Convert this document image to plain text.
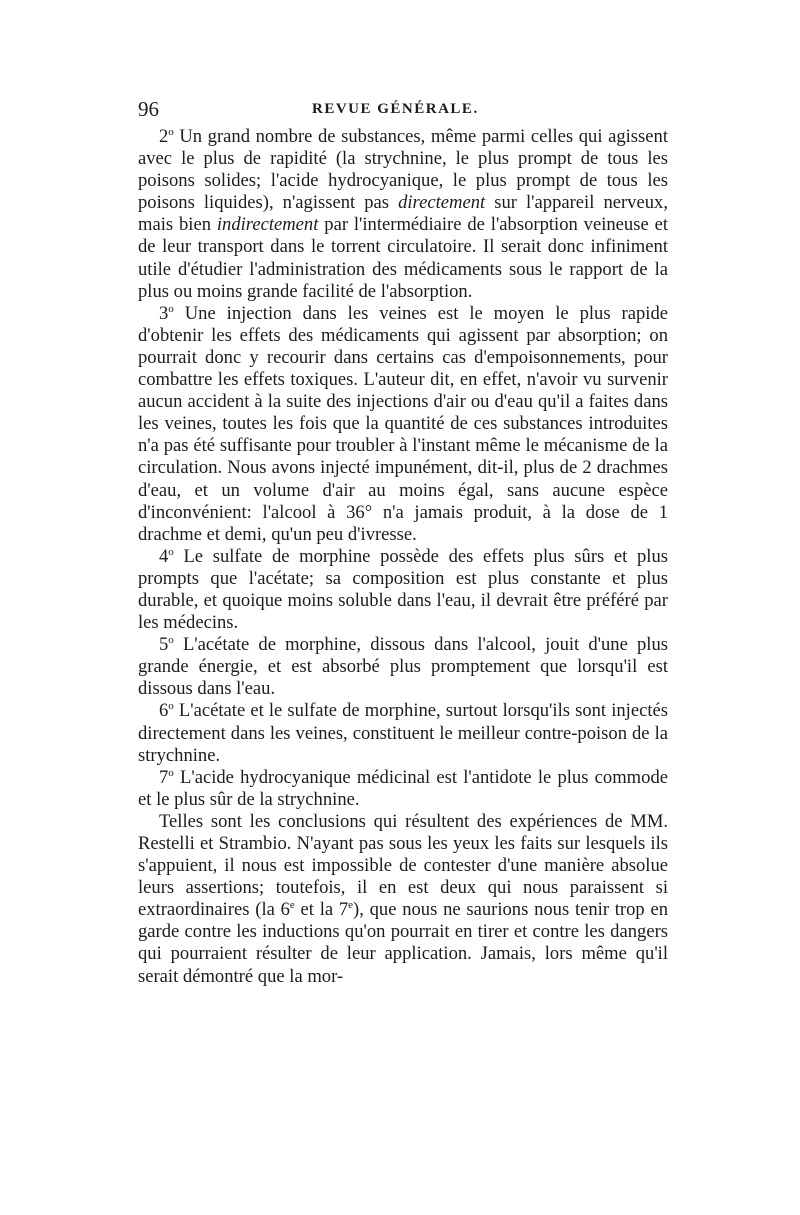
96	REVUE GÉNÉRALE.

2$^o$ Un grand nombre de substances, même parmi celles qui agissent avec le plus de rapidité (la strychnine, le plus prompt de tous les poisons solides; l'acide hydrocyanique, le plus prompt de tous les poisons liquides), n'agissent pas directement sur l'appareil nerveux, mais bien indirectement par l'intermédiaire de l'absorption veineuse et de leur transport dans le torrent circulatoire. Il serait donc infiniment utile d'étudier l'administration des médicaments sous le rapport de la plus ou moins grande facilité de l'absorption.

3$^o$ Une injection dans les veines est le moyen le plus rapide d'obtenir les effets des médicaments qui agissent par absorption; on pourrait donc y recourir dans certains cas d'empoisonnements, pour combattre les effets toxiques. L'auteur dit, en effet, n'avoir vu survenir aucun accident à la suite des injections d'air ou d'eau qu'il a faites dans les veines, toutes les fois que la quantité de ces substances introduites n'a pas été suffisante pour troubler à l'instant même le mécanisme de la circulation. Nous avons injecté impunément, dit-il, plus de 2 drachmes d'eau, et un volume d'air au moins égal, sans aucune espèce d'inconvénient: l'alcool à 36° n'a jamais produit, à la dose de 1 drachme et demi, qu'un peu d'ivresse.

4$^o$ Le sulfate de morphine possède des effets plus sûrs et plus prompts que l'acétate; sa composition est plus constante et plus durable, et quoique moins soluble dans l'eau, il devrait être préféré par les médecins.

5$^o$ L'acétate de morphine, dissous dans l'alcool, jouit d'une plus grande énergie, et est absorbé plus promptement que lorsqu'il est dissous dans l'eau.

6$^o$ L'acétate et le sulfate de morphine, surtout lorsqu'ils sont injectés directement dans les veines, constituent le meilleur contre-poison de la strychnine.

7$^o$ L'acide hydrocyanique médicinal est l'antidote le plus commode et le plus sûr de la strychnine.

Telles sont les conclusions qui résultent des expériences de MM. Restelli et Strambio. N'ayant pas sous les yeux les faits sur lesquels ils s'appuient, il nous est impossible de contester d'une manière absolue leurs assertions; toutefois, il en est deux qui nous paraissent si extraordinaires (la 6e et la 7e), que nous ne saurions nous tenir trop en garde contre les inductions qu'on pourrait en tirer et contre les dangers qui pourraient résulter de leur application. Jamais, lors même qu'il serait démontré que la mor-
